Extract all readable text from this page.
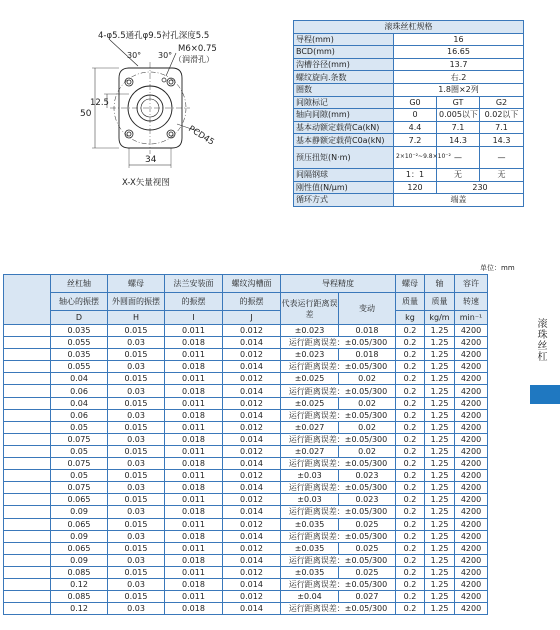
4-φ5.5通孔φ9.5衬孔深度5.5
M6×0.75
（润滑孔）
30° 30°
50
12.5
PCD45
34
X-X矢量视图
滚珠丝杠规格			
导程(mm)	16		
BCD(mm)	16.65		
沟槽谷径(mm)	13.7		
螺纹旋向.条数	右.2		
圈数	1.8圈×2列		
间隙标记	G0	GT	G2
轴向间隙(mm)	0	0.005以下	0.02以下
基本动额定载荷Ca(kN)	4.4	7.1	7.1
基本静额定载荷C0a(kN)	7.2	14.3	14.3
预压扭矩(N·m)	2×10⁻²~9.8×10⁻²	—	—
间隔钢球	1：1	无	无
刚性值(N/μm)	120	230	
循环方式	端盖		
单位：mm
	丝杠轴	螺母	法兰安装面	螺纹沟槽面	导程精度		螺母	轴	容许
	轴心的振摆	外圆面的振摆	的振摆	的振摆	代表运行距离误差	变动	质量	质量	转速
	D	H	I	J			kg	kg/m	min⁻¹
	0.035	0.015	0.011	0.012	±0.023	0.018	0.2	1.25	4200
	0.055	0.03	0.018	0.014	运行距离误差：±0.05/300		0.2	1.25	4200
	0.035	0.015	0.011	0.012	±0.023	0.018	0.2	1.25	4200
	0.055	0.03	0.018	0.014	运行距离误差：±0.05/300		0.2	1.25	4200
	0.04	0.015	0.011	0.012	±0.025	0.02	0.2	1.25	4200
	0.06	0.03	0.018	0.014	运行距离误差：±0.05/300		0.2	1.25	4200
	0.04	0.015	0.011	0.012	±0.025	0.02	0.2	1.25	4200
	0.06	0.03	0.018	0.014	运行距离误差：±0.05/300		0.2	1.25	4200
	0.05	0.015	0.011	0.012	±0.027	0.02	0.2	1.25	4200
	0.075	0.03	0.018	0.014	运行距离误差：±0.05/300		0.2	1.25	4200
	0.05	0.015	0.011	0.012	±0.027	0.02	0.2	1.25	4200
	0.075	0.03	0.018	0.014	运行距离误差：±0.05/300		0.2	1.25	4200
	0.05	0.015	0.011	0.012	±0.03	0.023	0.2	1.25	4200
	0.075	0.03	0.018	0.014	运行距离误差：±0.05/300		0.2	1.25	4200
	0.065	0.015	0.011	0.012	±0.03	0.023	0.2	1.25	4200
	0.09	0.03	0.018	0.014	运行距离误差：±0.05/300		0.2	1.25	4200
	0.065	0.015	0.011	0.012	±0.035	0.025	0.2	1.25	4200
	0.09	0.03	0.018	0.014	运行距离误差：±0.05/300		0.2	1.25	4200
	0.065	0.015	0.011	0.012	±0.035	0.025	0.2	1.25	4200
	0.09	0.03	0.018	0.014	运行距离误差：±0.05/300		0.2	1.25	4200
	0.085	0.015	0.011	0.012	±0.035	0.025	0.2	1.25	4200
	0.12	0.03	0.018	0.014	运行距离误差：±0.05/300		0.2	1.25	4200
	0.085	0.015	0.011	0.012	±0.04	0.027	0.2	1.25	4200
	0.12	0.03	0.018	0.014	运行距离误差：±0.05/300		0.2	1.25	4200
滚珠丝杠
